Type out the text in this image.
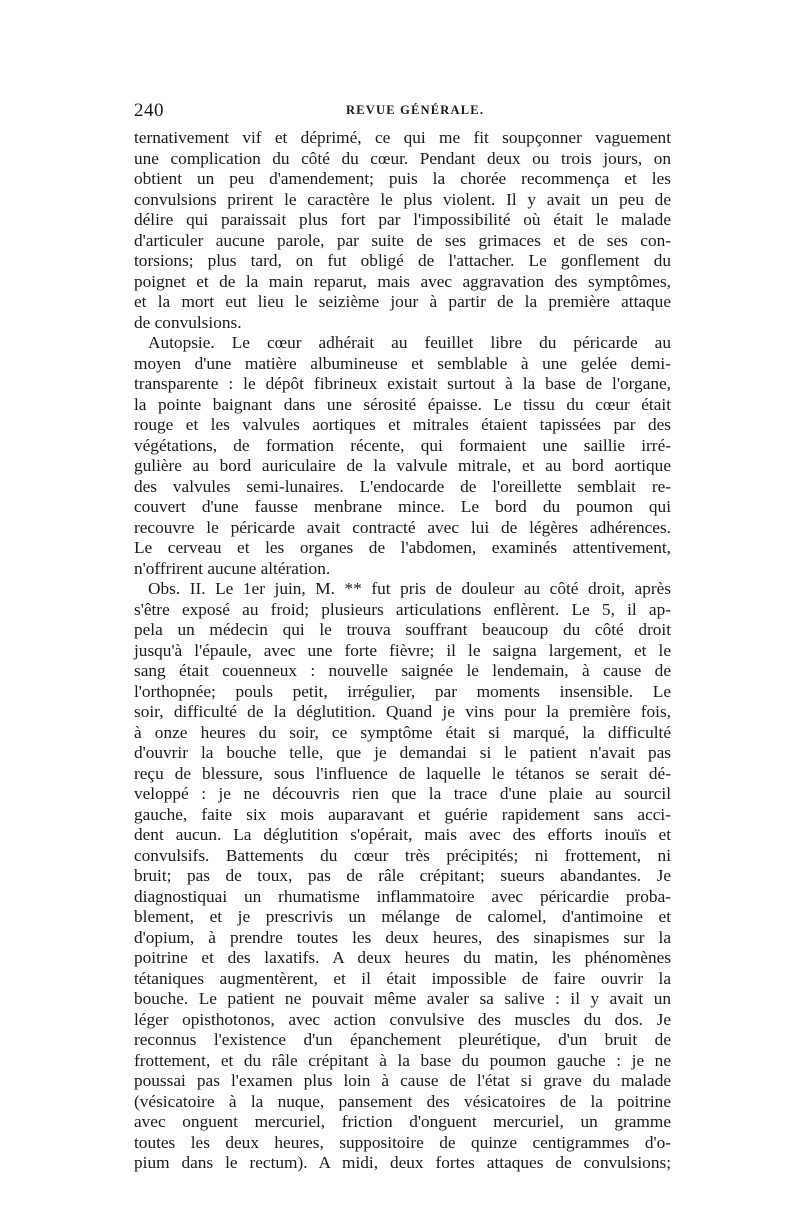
240	REVUE GÉNÉRALE.
ternativement vif et déprimé, ce qui me fit soupçonner vaguement
une complication du côté du cœur. Pendant deux ou trois jours, on
obtient un peu d'amendement; puis la chorée recommença et les
convulsions prirent le caractère le plus violent. Il y avait un peu de
délire qui paraissait plus fort par l'impossibilité où était le malade
d'articuler aucune parole, par suite de ses grimaces et de ses con-
torsions; plus tard, on fut obligé de l'attacher. Le gonflement du
poignet et de la main reparut, mais avec aggravation des symptômes,
et la mort eut lieu le seizième jour à partir de la première attaque
de convulsions.
Autopsie. Le cœur adhérait au feuillet libre du péricarde au
moyen d'une matière albumineuse et semblable à une gelée demi-
transparente : le dépôt fibrineux existait surtout à la base de l'organe,
la pointe baignant dans une sérosité épaisse. Le tissu du cœur était
rouge et les valvules aortiques et mitrales étaient tapissées par des
végétations, de formation récente, qui formaient une saillie irré-
gulière au bord auriculaire de la valvule mitrale, et au bord aortique
des valvules semi-lunaires. L'endocarde de l'oreillette semblait re-
couvert d'une fausse menbrane mince. Le bord du poumon qui
recouvre le péricarde avait contracté avec lui de légères adhérences.
Le cerveau et les organes de l'abdomen, examinés attentivement,
n'offrirent aucune altération.
Obs. II. Le 1er juin, M. ** fut pris de douleur au côté droit, après
s'être exposé au froid; plusieurs articulations enflèrent. Le 5, il ap-
pela un médecin qui le trouva souffrant beaucoup du côté droit
jusqu'à l'épaule, avec une forte fièvre; il le saigna largement, et le
sang était couenneux : nouvelle saignée le lendemain, à cause de
l'orthopnée; pouls petit, irrégulier, par moments insensible. Le
soir, difficulté de la déglutition. Quand je vins pour la première fois,
à onze heures du soir, ce symptôme était si marqué, la difficulté
d'ouvrir la bouche telle, que je demandai si le patient n'avait pas
reçu de blessure, sous l'influence de laquelle le tétanos se serait dé-
veloppé : je ne découvris rien que la trace d'une plaie au sourcil
gauche, faite six mois auparavant et guérie rapidement sans acci-
dent aucun. La déglutition s'opérait, mais avec des efforts inouïs et
convulsifs. Battements du cœur très précipités; ni frottement, ni
bruit; pas de toux, pas de râle crépitant; sueurs abandantes. Je
diagnostiquai un rhumatisme inflammatoire avec péricardie proba-
blement, et je prescrivis un mélange de calomel, d'antimoine et
d'opium, à prendre toutes les deux heures, des sinapismes sur la
poitrine et des laxatifs. A deux heures du matin, les phénomènes
tétaniques augmentèrent, et il était impossible de faire ouvrir la
bouche. Le patient ne pouvait même avaler sa salive : il y avait un
léger opisthotonos, avec action convulsive des muscles du dos. Je
reconnus l'existence d'un épanchement pleurétique, d'un bruit de
frottement, et du râle crépitant à la base du poumon gauche : je ne
poussai pas l'examen plus loin à cause de l'état si grave du malade
(vésicatoire à la nuque, pansement des vésicatoires de la poitrine
avec onguent mercuriel, friction d'onguent mercuriel, un gramme
toutes les deux heures, suppositoire de quinze centigrammes d'o-
pium dans le rectum). A midi, deux fortes attaques de convulsions;
